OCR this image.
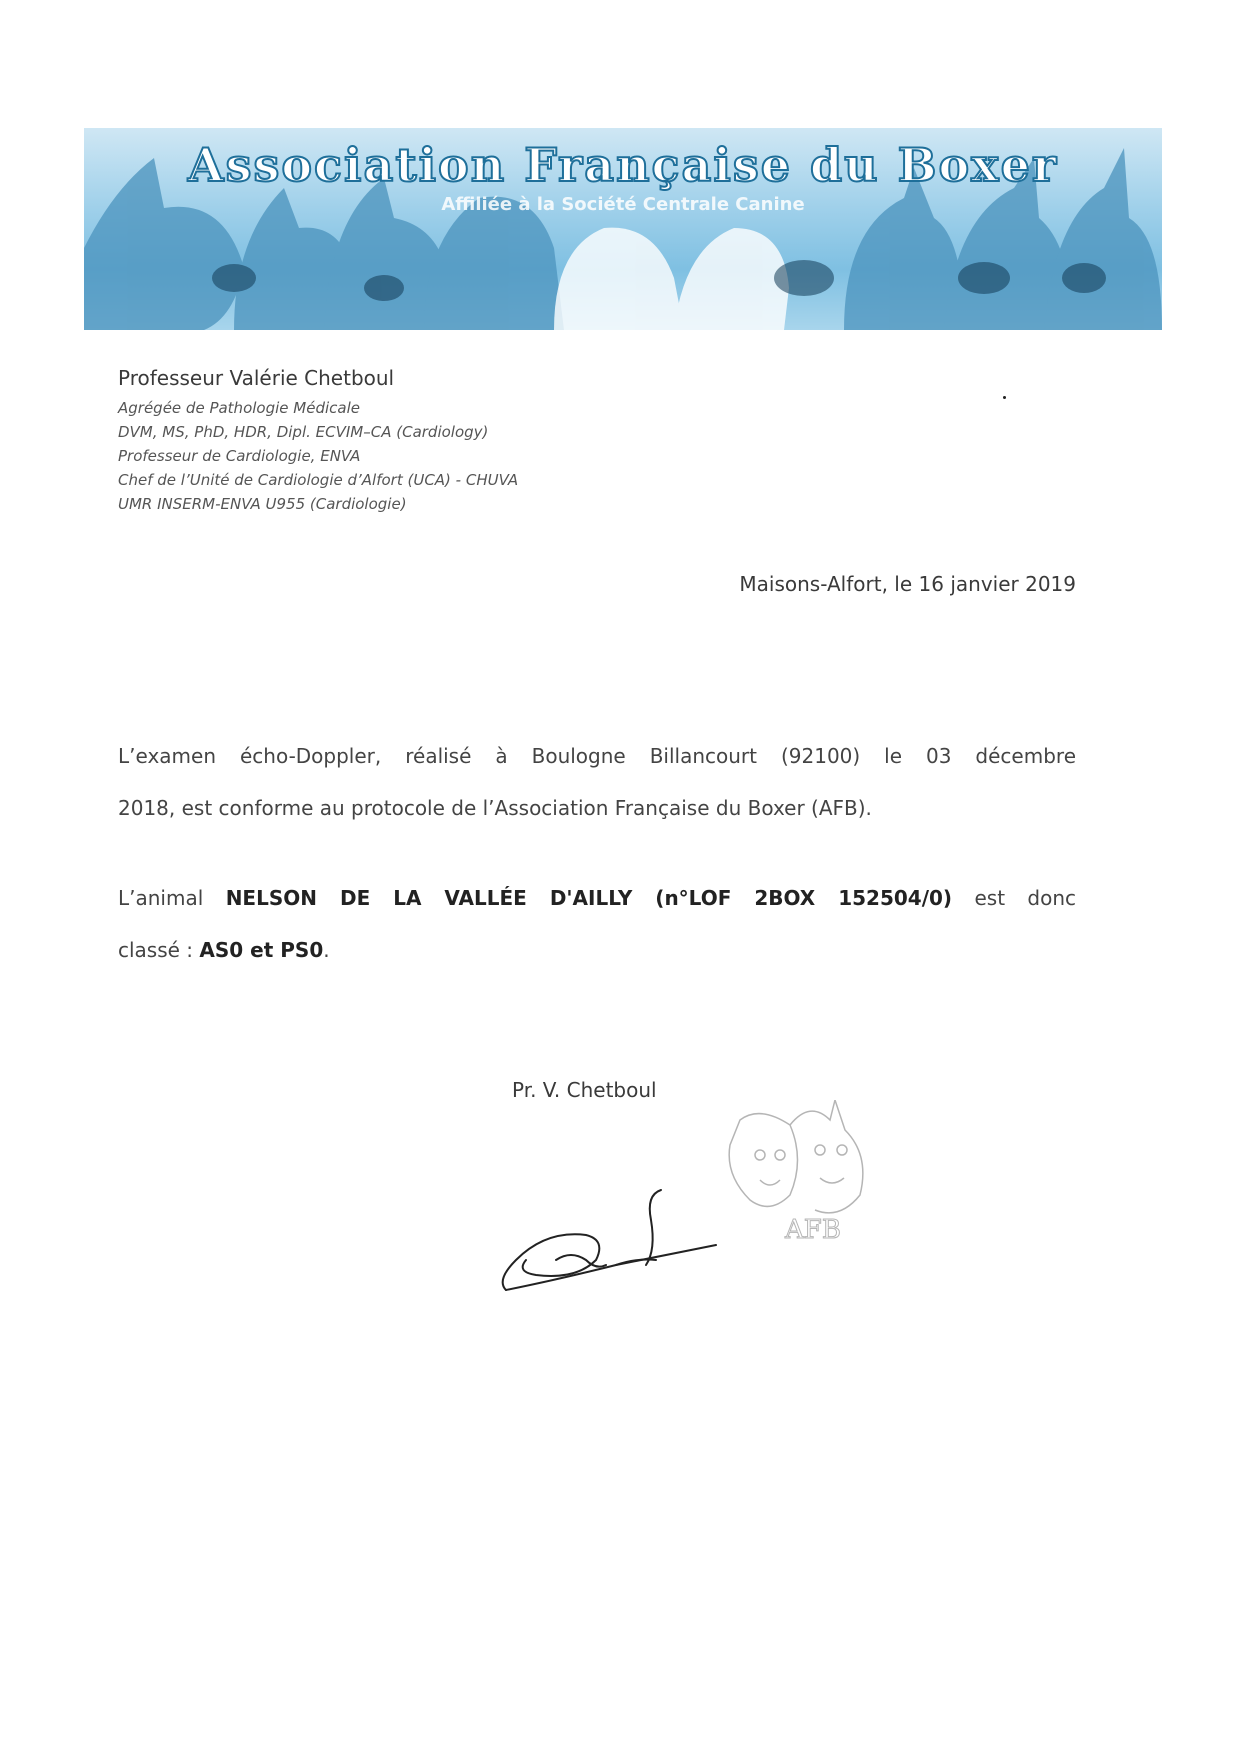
Association Française du Boxer
Affiliée à la Société Centrale Canine
Professeur Valérie Chetboul
Agrégée de Pathologie Médicale
DVM, MS, PhD, HDR, Dipl. ECVIM–CA (Cardiology)
Professeur de Cardiologie, ENVA
Chef de l’Unité de Cardiologie d’Alfort (UCA) - CHUVA
UMR INSERM-ENVA U955 (Cardiologie)
Maisons-Alfort, le 16 janvier 2019
L’examen écho-Doppler, réalisé à Boulogne Billancourt (92100) le 03 décembre
2018, est conforme au protocole de l’Association Française du Boxer (AFB).
L’animal NELSON DE LA VALLÉE D'AILLY (n°LOF 2BOX 152504/0) est donc
classé : AS0 et PS0.
Pr. V. Chetboul
AFB
